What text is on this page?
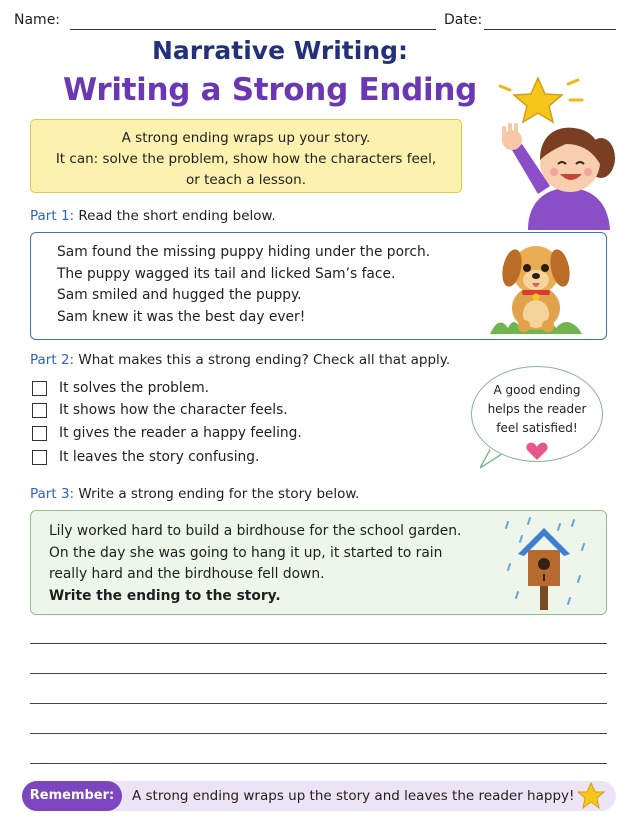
Name:	Date:
Narrative Writing:
Writing a Strong Ending
A strong ending wraps up your story.
It can: solve the problem, show how the characters feel,
or teach a lesson.
Part 1: Read the short ending below.
Sam found the missing puppy hiding under the porch.
The puppy wagged its tail and licked Sam’s face.
Sam smiled and hugged the puppy.
Sam knew it was the best day ever!
Part 2: What makes this a strong ending? Check all that apply.
It solves the problem.
It shows how the character feels.
It gives the reader a happy feeling.
It leaves the story confusing.
A good ending
helps the reader
feel satisfied!
Part 3: Write a strong ending for the story below.
Lily worked hard to build a birdhouse for the school garden.
On the day she was going to hang it up, it started to rain
really hard and the birdhouse fell down.
Write the ending to the story.
Remember:	A strong ending wraps up the story and leaves the reader happy!
